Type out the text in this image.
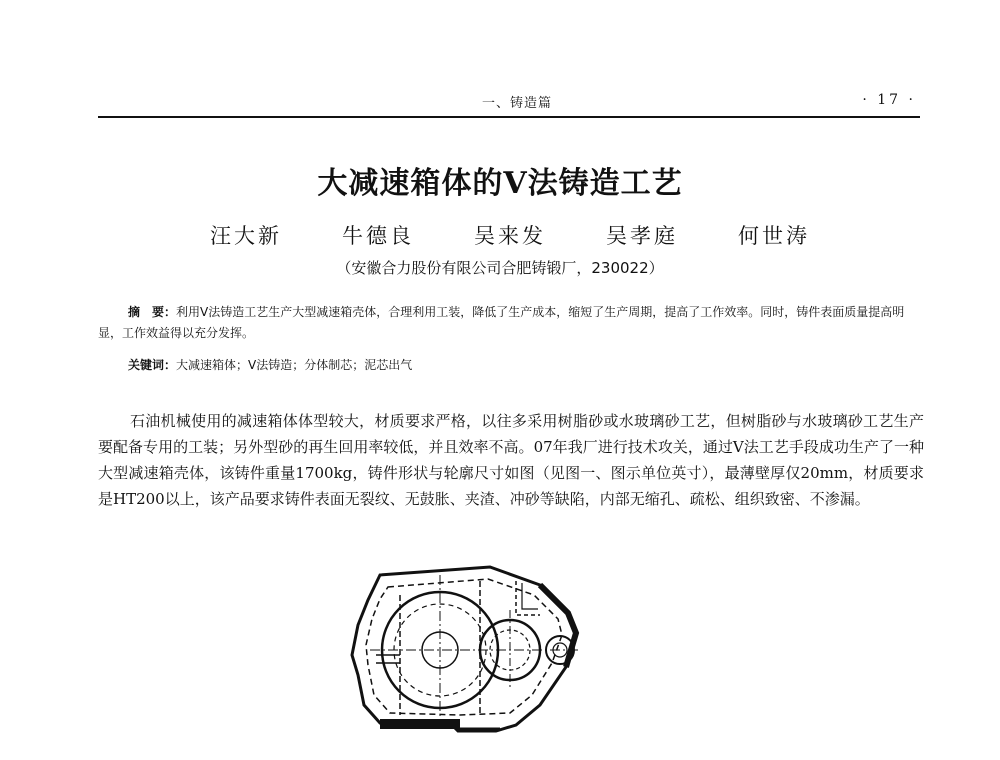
一、铸造篇	· 17 ·
大减速箱体的V法铸造工艺
汪大新	牛德良	吴来发	吴孝庭	何世涛
（安徽合力股份有限公司合肥铸锻厂，230022）
摘　要：利用V法铸造工艺生产大型减速箱壳体，合理利用工装，降低了生产成本，缩短了生产周期，提高了工作效率。同时，铸件表面质量提高明显，工作效益得以充分发挥。
关键词：大减速箱体；V法铸造；分体制芯；泥芯出气
石油机械使用的减速箱体体型较大，材质要求严格，以往多采用树脂砂或水玻璃砂工艺，但树脂砂与水玻璃砂工艺生产要配备专用的工装；另外型砂的再生回用率较低，并且效率不高。07年我厂进行技术攻关，通过V法工艺手段成功生产了一种大型减速箱壳体，该铸件重量1700kg，铸件形状与轮廓尺寸如图（见图一、图示单位英寸），最薄壁厚仅20mm，材质要求是HT200以上，该产品要求铸件表面无裂纹、无鼓胀、夹渣、冲砂等缺陷，内部无缩孔、疏松、组织致密、不渗漏。
